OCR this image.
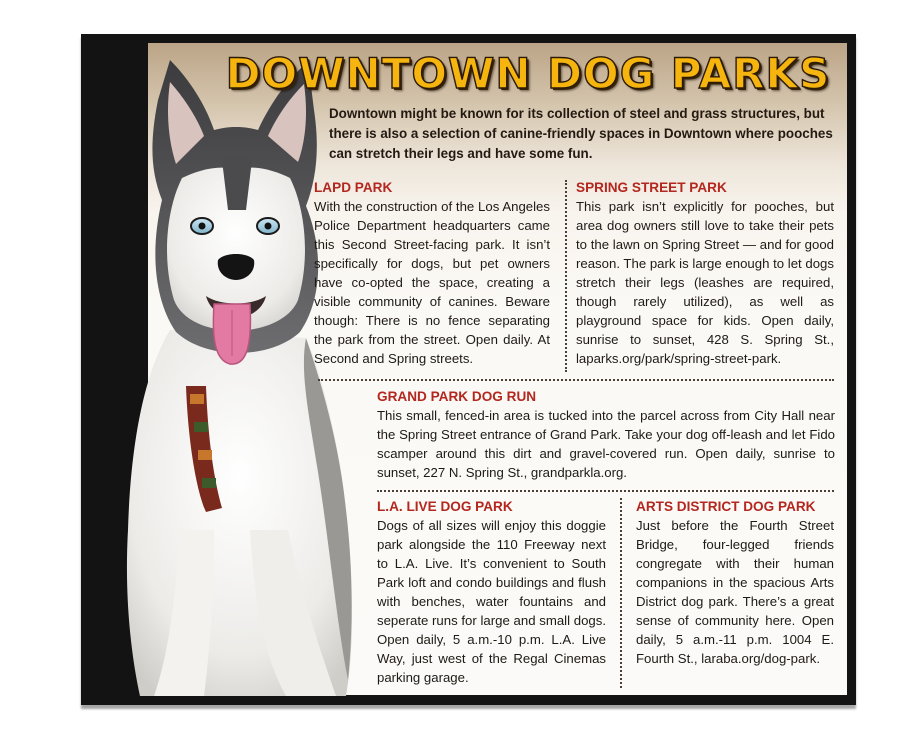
DOWNTOWN DOG PARKS

Downtown might be known for its collection of steel and grass structures, but there is also a selection of canine-friendly spaces in Downtown where pooches can stretch their legs and have some fun.

LAPD PARK

With the construction of the Los Angeles Police Department headquarters came this Second Street-facing park. It isn’t specifically for dogs, but pet owners have co-opted the space, creating a visible community of canines. Beware though: There is no fence separating the park from the street. Open daily. At Second and Spring streets.

SPRING STREET PARK

This park isn’t explicitly for pooches, but area dog owners still love to take their pets to the lawn on Spring Street — and for good reason. The park is large enough to let dogs stretch their legs (leashes are required, though rarely utilized), as well as playground space for kids. Open daily, sunrise to sunset, 428 S. Spring St., laparks.org/park/spring-street-park.

GRAND PARK DOG RUN

This small, fenced-in area is tucked into the parcel across from City Hall near the Spring Street entrance of Grand Park. Take your dog off-leash and let Fido scamper around this dirt and gravel-covered run. Open daily, sunrise to sunset, 227 N. Spring St., grandparkla.org.

L.A. LIVE DOG PARK

Dogs of all sizes will enjoy this doggie park alongside the 110 Freeway next to L.A. Live. It’s convenient to South Park loft and condo buildings and flush with benches, water fountains and seperate runs for large and small dogs. Open daily, 5 a.m.-10 p.m. L.A. Live Way, just west of the Regal Cinemas parking garage.

ARTS DISTRICT DOG PARK

Just before the Fourth Street Bridge, four-legged friends congregate with their human companions in the spacious Arts District dog park. There’s a great sense of community here. Open daily, 5 a.m.-11 p.m. 1004 E. Fourth St., laraba.org/dog-park.
